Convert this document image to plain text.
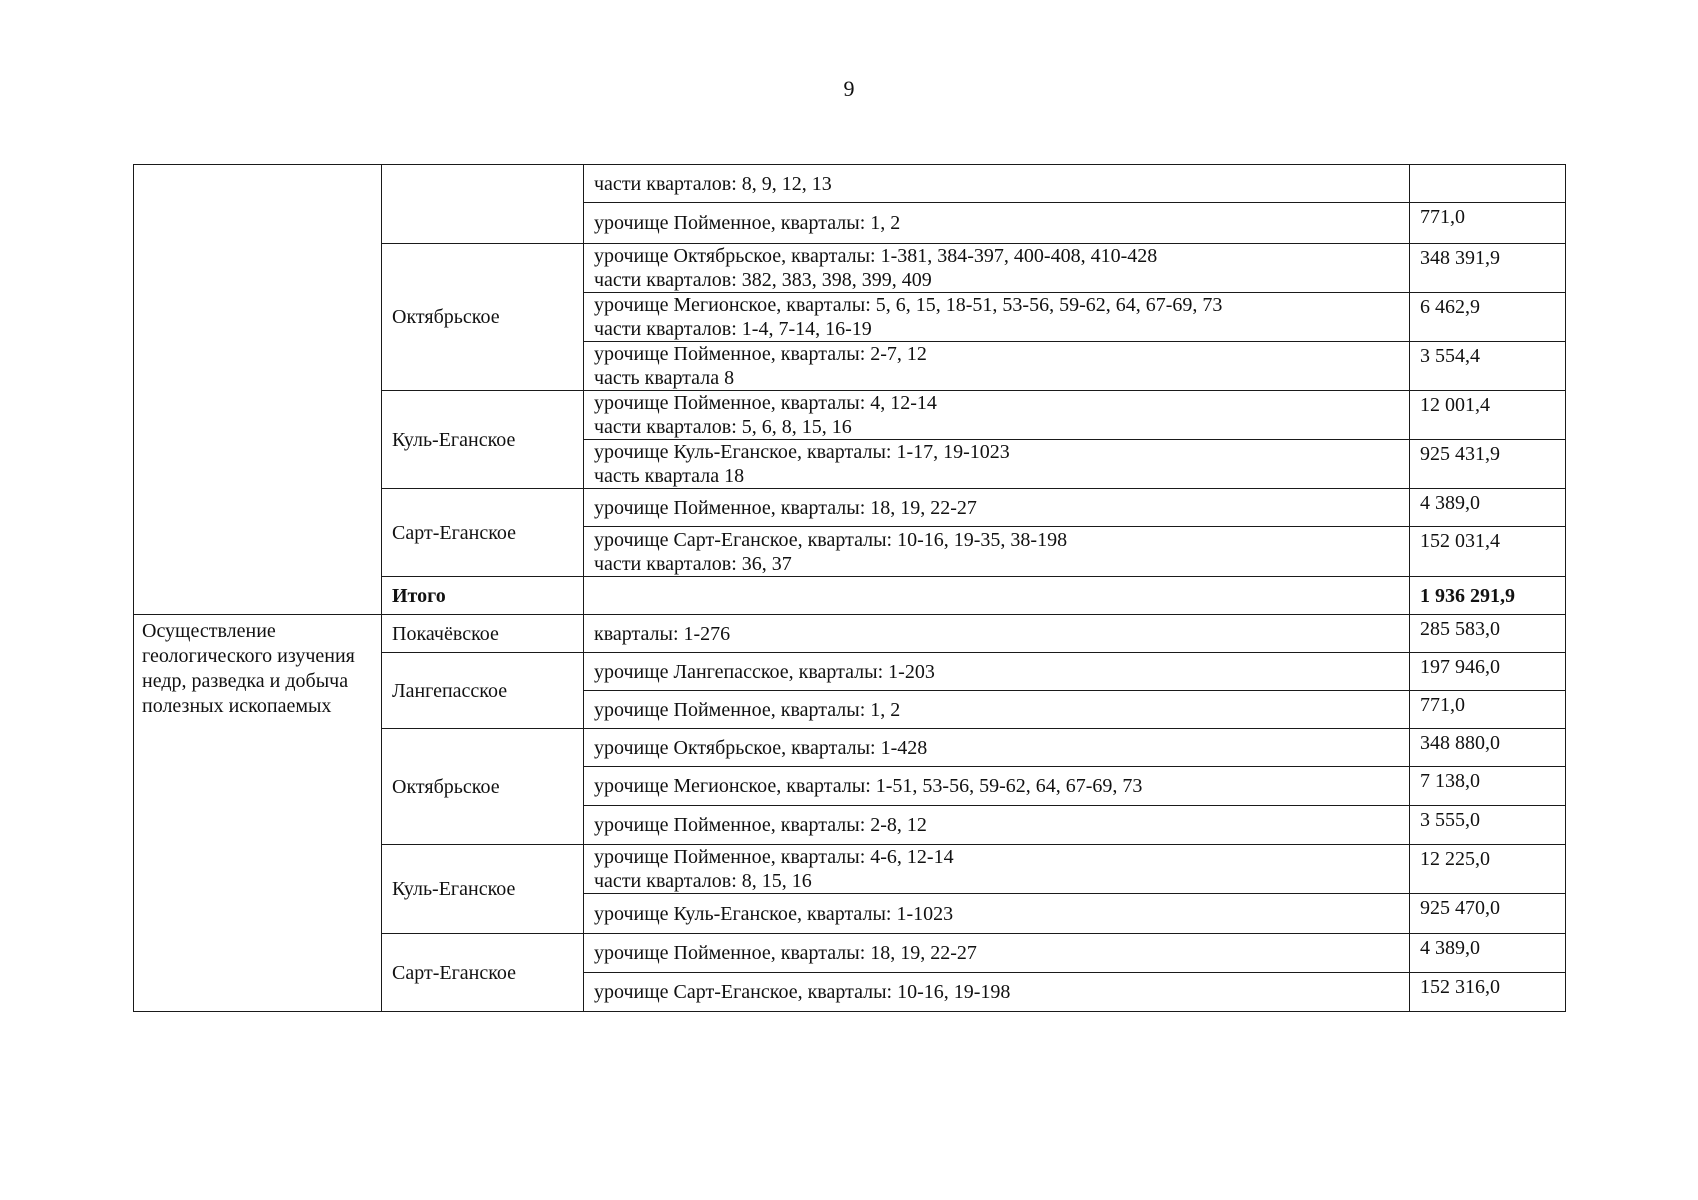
9

		части кварталов: 8, 9, 12, 13	

		урочище Пойменное, кварталы: 1, 2	771,0
	Октябрьское	урочище Октябрьское, кварталы: 1-381, 384-397, 400-408, 410-428
части кварталов: 382, 383, 398, 399, 409	348 391,9

		урочище Мегионское, кварталы: 5, 6, 15, 18-51, 53-56, 59-62, 64, 67-69, 73
части кварталов: 1-4, 7-14, 16-19	6 462,9

		урочище Пойменное, кварталы: 2-7, 12
часть квартала 8	3 554,4
	Куль-Еганское	урочище Пойменное, кварталы: 4, 12-14
части кварталов: 5, 6, 8, 15, 16	12 001,4

		урочище Куль-Еганское, кварталы: 1-17, 19-1023
часть квартала 18	925 431,9
	Сарт-Еганское	урочище Пойменное, кварталы: 18, 19, 22-27	4 389,0

		урочище Сарт-Еганское, кварталы: 10-16, 19-35, 38-198
части кварталов: 36, 37	152 031,4
	Итого		1 936 291,9
Осуществление геологического изучения недр, разведка и добыча полезных ископаемых	Покачёвское	кварталы: 1-276	285 583,0
	Лангепасское	урочище Лангепасское, кварталы: 1-203	197 946,0

		урочище Пойменное, кварталы: 1, 2	771,0
	Октябрьское	урочище Октябрьское, кварталы: 1-428	348 880,0

		урочище Мегионское, кварталы: 1-51, 53-56, 59-62, 64, 67-69, 73	7 138,0

		урочище Пойменное, кварталы: 2-8, 12	3 555,0
	Куль-Еганское	урочище Пойменное, кварталы: 4-6, 12-14
части кварталов: 8, 15, 16	12 225,0

		урочище Куль-Еганское, кварталы: 1-1023	925 470,0
	Сарт-Еганское	урочище Пойменное, кварталы: 18, 19, 22-27	4 389,0

		урочище Сарт-Еганское, кварталы: 10-16, 19-198	152 316,0
